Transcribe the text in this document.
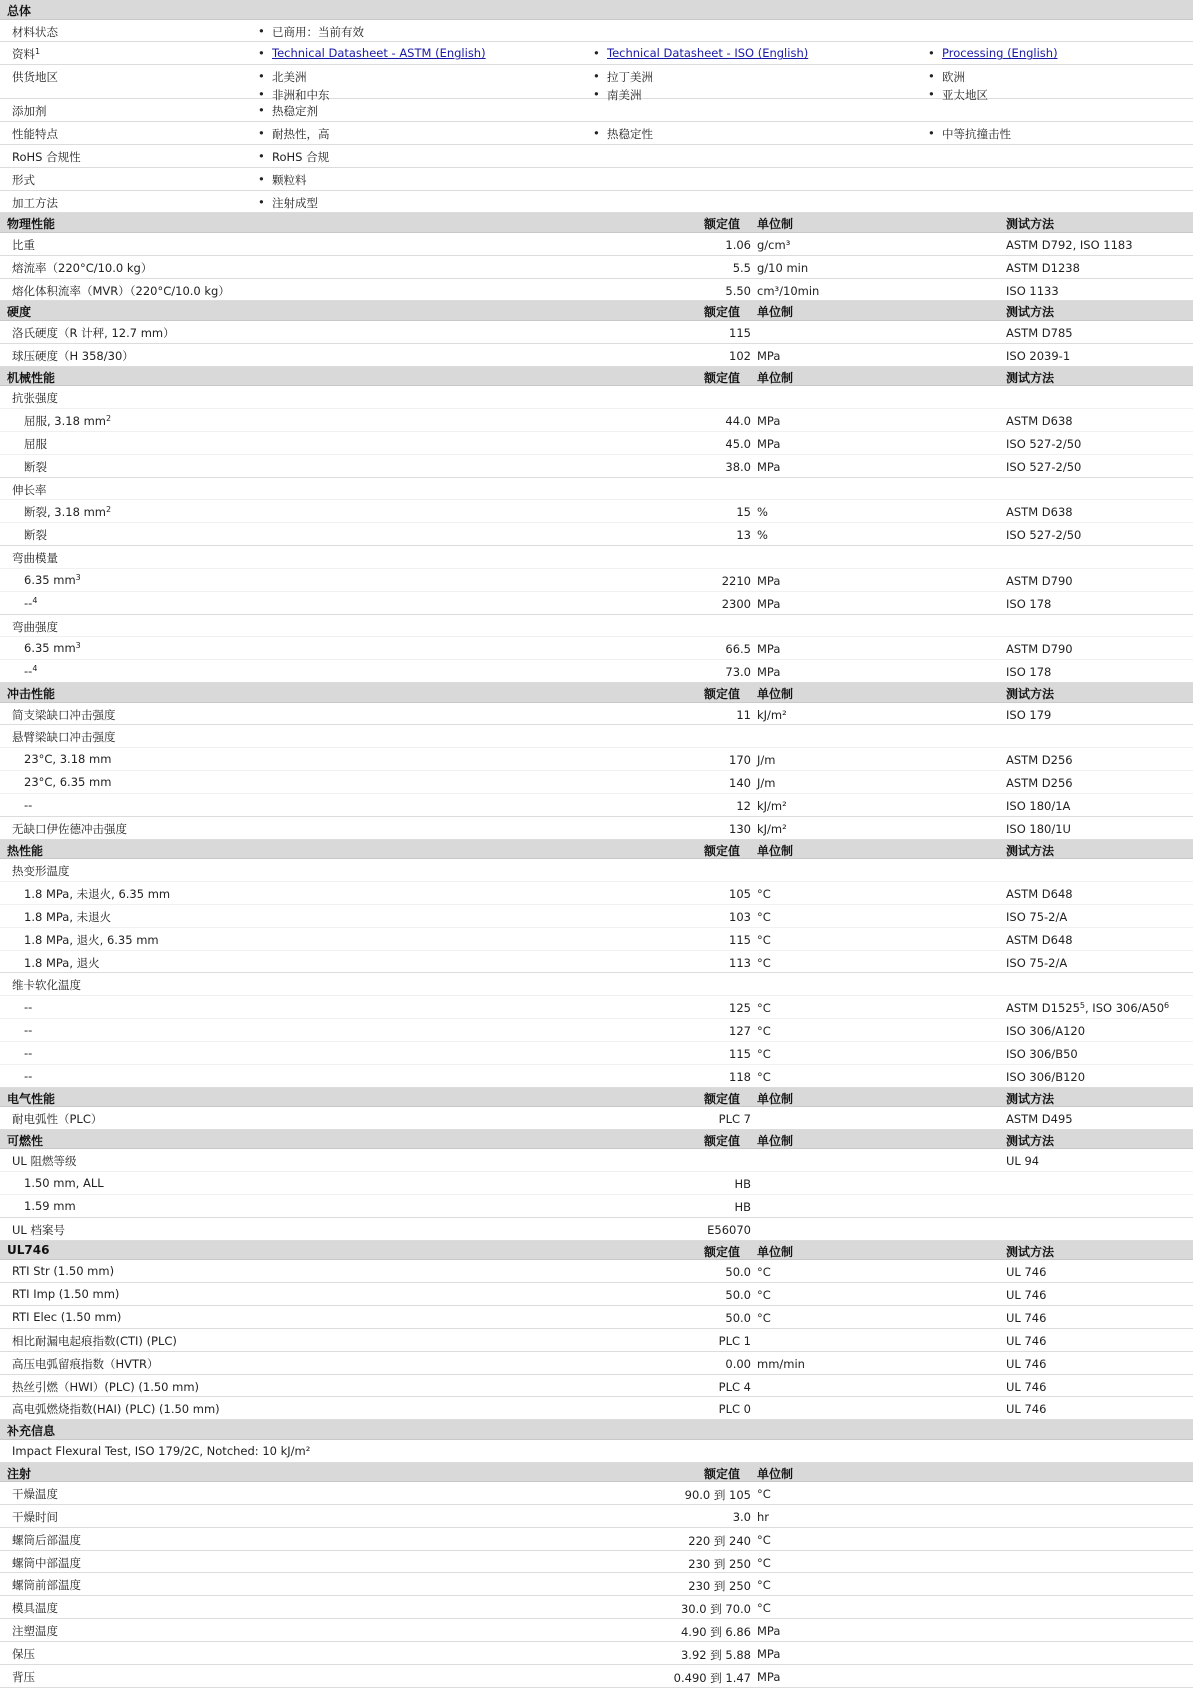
总体
材料状态	• 已商用：当前有效
资料$^1$	• Technical Datasheet - ASTM (English)	• Technical Datasheet - ISO (English)	• Processing (English)
供货地区	• 北美洲	• 拉丁美洲	• 欧洲
• 非洲和中东	• 南美洲	• 亚太地区
添加剂	• 热稳定剂
性能特点	• 耐热性，高	• 热稳定性	• 中等抗撞击性
RoHS 合规性	• RoHS 合规
形式	• 颗粒料
加工方法	• 注射成型
物理性能	额定值 单位制	测试方法
比重	1.06 g/cm³	ASTM D792, ISO 1183
熔流率（220°C/10.0 kg）	5.5 g/10 min	ASTM D1238
熔化体积流率（MVR）（220°C/10.0 kg）	5.50 cm³/10min	ISO 1133
硬度	额定值 单位制	测试方法
洛氏硬度（R 计秤, 12.7 mm）	115	ASTM D785
球压硬度（H 358/30）	102 MPa	ISO 2039-1
机械性能	额定值 单位制	测试方法
抗张强度
屈服, 3.18 $mm^2$	44.0 MPa	ASTM D638
屈服	45.0 MPa	ISO 527-2/50
断裂	38.0 MPa	ISO 527-2/50
伸长率
断裂, 3.18 $mm^2$	15 %	ASTM D638
断裂	13 %	ISO 527-2/50
弯曲模量
6.35 $mm^3$	2210 MPa	ASTM D790
--$^4$	2300 MPa	ISO 178
弯曲强度
6.35 $mm^3$	66.5 MPa	ASTM D790
--$^4$	73.0 MPa	ISO 178
冲击性能	额定值 单位制	测试方法
简支梁缺口冲击强度	11 kJ/m²	ISO 179
悬臂梁缺口冲击强度
23°C, 3.18 mm	170 J/m	ASTM D256
23°C, 6.35 mm	140 J/m	ASTM D256
--	12 kJ/m²	ISO 180/1A
无缺口伊佐德冲击强度	130 kJ/m²	ISO 180/1U
热性能	额定值 单位制	测试方法
热变形温度
1.8 MPa, 未退火, 6.35 mm	105 °C	ASTM D648
1.8 MPa, 未退火	103 °C	ISO 75-2/A
1.8 MPa, 退火, 6.35 mm	115 °C	ASTM D648
1.8 MPa, 退火	113 °C	ISO 75-2/A
维卡软化温度
--	125 °C	ASTM D1525$^5$, ISO $306/A50^6$
--	127 °C	ISO 306/A120
--	115 °C	ISO 306/B50
--	118 °C	ISO 306/B120
电气性能	额定值 单位制	测试方法
耐电弧性（PLC）	PLC 7	ASTM D495
可燃性	额定值 单位制	测试方法
UL 阻燃等级	UL 94
1.50 mm, ALL	HB
1.59 mm	HB
UL 档案号	E56070
UL746	额定值 单位制	测试方法
RTI Str (1.50 mm)	50.0 °C	UL 746
RTI Imp (1.50 mm)	50.0 °C	UL 746
RTI Elec (1.50 mm)	50.0 °C	UL 746
相比耐漏电起痕指数(CTI) (PLC)	PLC 1	UL 746
高压电弧留痕指数（HVTR）	0.00 mm/min	UL 746
热丝引燃（HWI）(PLC) (1.50 mm)	PLC 4	UL 746
高电弧燃烧指数(HAI) (PLC) (1.50 mm)	PLC 0	UL 746
补充信息
Impact Flexural Test, ISO 179/2C, Notched: 10 kJ/m²
注射	额定值 单位制
干燥温度	90.0 到 105 °C
干燥时间	3.0 hr
螺筒后部温度	220 到 240 °C
螺筒中部温度	230 到 250 °C
螺筒前部温度	230 到 250 °C
模具温度	30.0 到 70.0 °C
注塑温度	4.90 到 6.86 MPa
保压	3.92 到 5.88 MPa
背压	0.490 到 1.47 MPa
